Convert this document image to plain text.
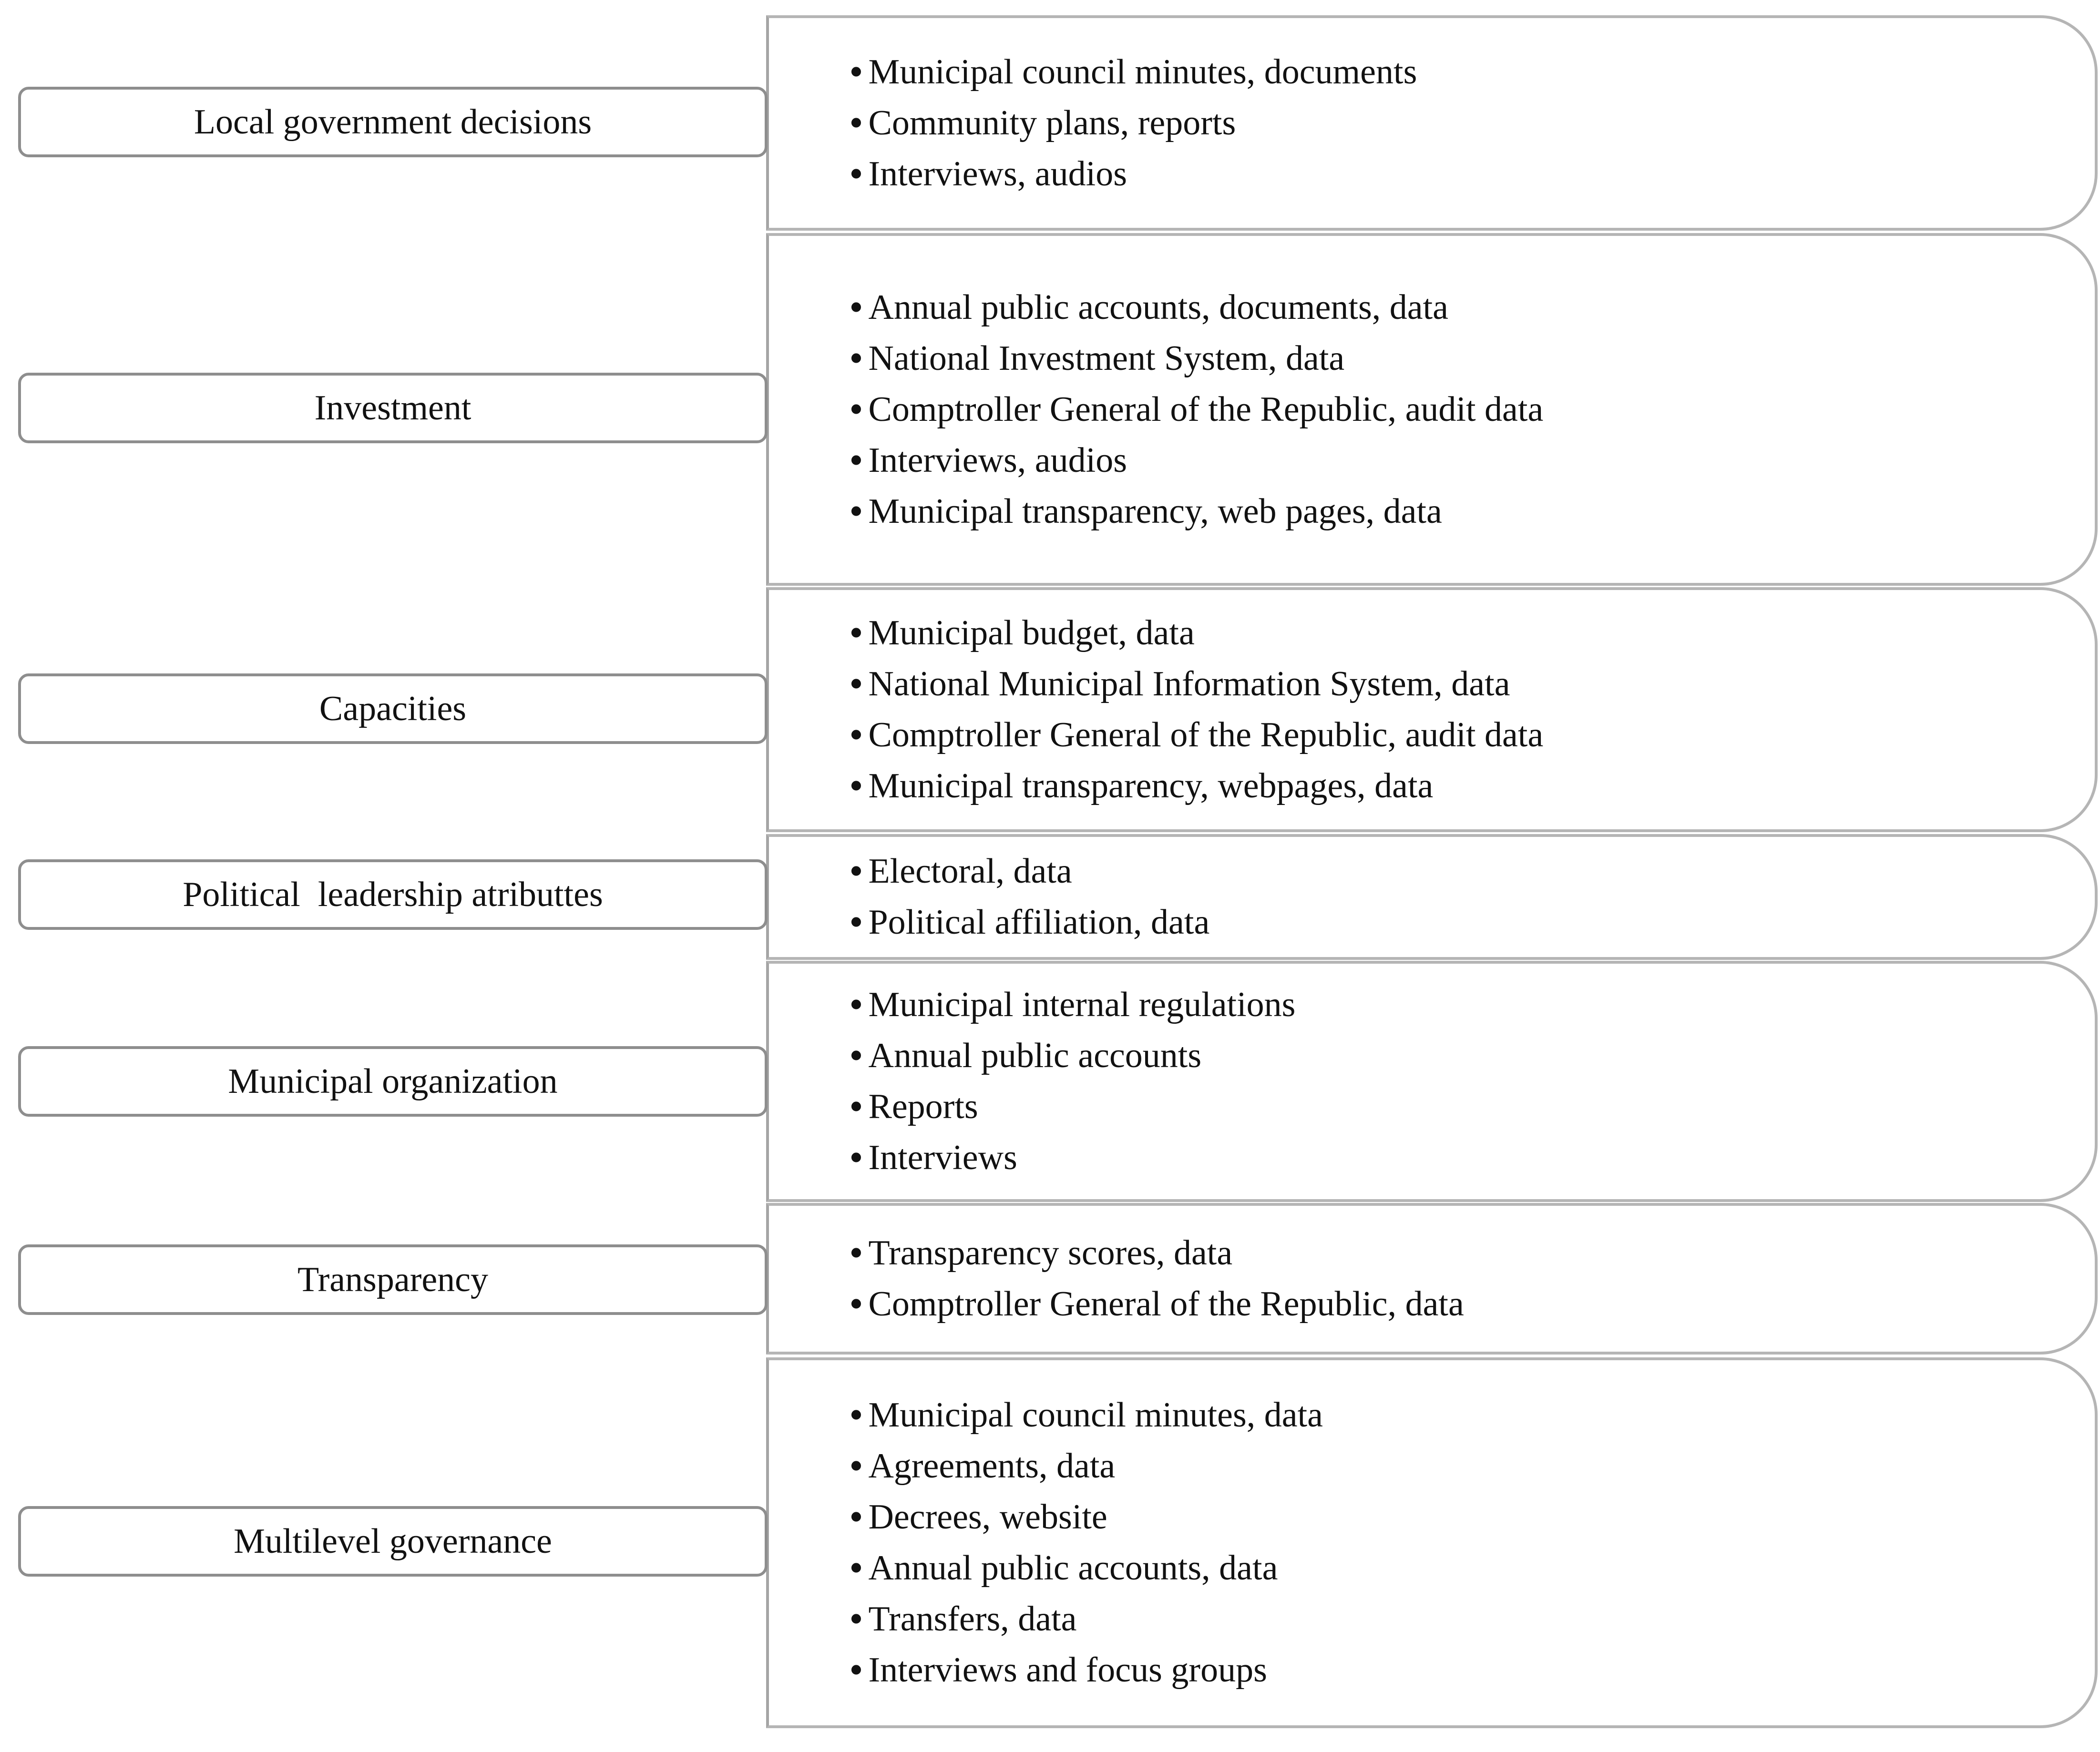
• Municipal council minutes, documents
• Community plans, reports
• Interviews, audios
Local government decisions
• Annual public accounts, documents, data
• National Investment System, data
• Comptroller General of the Republic, audit data
• Interviews, audios
• Municipal transparency, web pages, data
Investment
• Municipal budget, data
• National Municipal Information System, data
• Comptroller General of the Republic, audit data
• Municipal transparency, webpages, data
Capacities
• Electoral, data
• Political affiliation, data
Political  leadership atributtes
• Municipal internal regulations
• Annual public accounts
• Reports
• Interviews
Municipal organization
• Transparency scores, data
• Comptroller General of the Republic, data
Transparency
• Municipal council minutes, data
• Agreements, data
• Decrees, website
• Annual public accounts, data
• Transfers, data
• Interviews and focus groups
Multilevel governance
